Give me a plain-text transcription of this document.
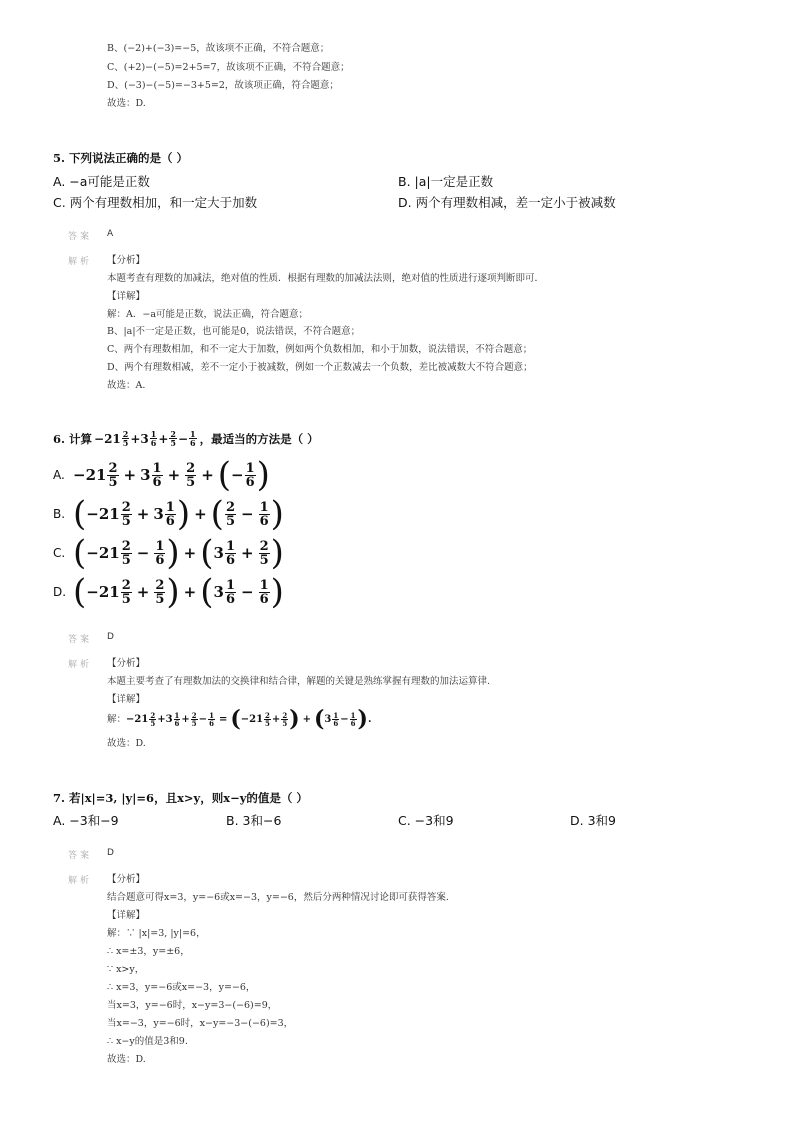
B、(−2)+(−3)=−5，故该项不正确，不符合题意；
C、(+2)−(−5)=2+5=7，故该项不正确，不符合题意；
D、(−3)−(−5)=−3+5=2，故该项正确，符合题意；
故选：D.
5. 下列说法正确的是（ ）
A. −a可能是正数	B. |a|一定是正数
C. 两个有理数相加，和一定大于加数	D. 两个有理数相减，差一定小于被减数
答案 A
解析 【分析】
本题考查有理数的加减法，绝对值的性质．根据有理数的加减法法则，绝对值的性质进行逐项判断即可．
【详解】
解：A．−a可能是正数，说法正确，符合题意；
B、|a|不一定是正数，也可能是0，说法错误，不符合题意；
C、两个有理数相加，和不一定大于加数，例如两个负数相加，和小于加数，说法错误，不符合题意；
D、两个有理数相减，差不一定小于被减数，例如一个正数减去一个负数，差比被减数大不符合题意；
故选：A.
6. 计算 $-21 \frac{2}{5} +3 \frac{1}{6} + \frac{2}{5} - \frac{1}{6}$ ，最适当的方法是（ ）
A. $-21 \frac{2}{5} + 3 \frac{1}{6} + \frac{2}{5}$ + ( − $\frac{1}{6}$ )
B. ( $-21 \frac{2}{5} + 3 \frac{1}{6}$ ) + ( $\frac{2}{5} - \frac{1}{6}$ )
C. ( $-21 \frac{2}{5} - \frac{1}{6}$ ) + ( $3 \frac{1}{6} + \frac{2}{5}$ )
D. ( $-21 \frac{2}{5} + \frac{2}{5}$ ) + ( $3 \frac{1}{6} - \frac{1}{6}$ )
答案 D
解析 【分析】
本题主要考查了有理数加法的交换律和结合律，解题的关键是熟练掌握有理数的加法运算律.
【详解】
解： $-21 \frac{2}{5} +3 \frac{1}{6} + \frac{2}{5} - \frac{1}{6}$ = ( $-21 \frac{2}{5} + \frac{2}{5}$ ) + ( $3 \frac{1}{6} - \frac{1}{6}$ ) .
故选：D.
7. 若|x|=3, |y|=6，且x>y，则x−y的值是（ ）
A. −3和−9	B. 3和−6	C. −3和9	D. 3和9
答案 D
解析 【分析】
结合题意可得x=3，y=−6或x=−3，y=−6，然后分两种情况讨论即可获得答案.
【详解】
解：∵ |x|=3, |y|=6，
∴ x=±3，y=±6，
∵ x>y，
∴ x=3，y=−6或x=−3，y=−6，
当x=3，y=−6时，x−y=3−(−6)=9，
当x=−3，y=−6时，x−y=−3−(−6)=3，
∴ x−y的值是3和9.
故选：D.
